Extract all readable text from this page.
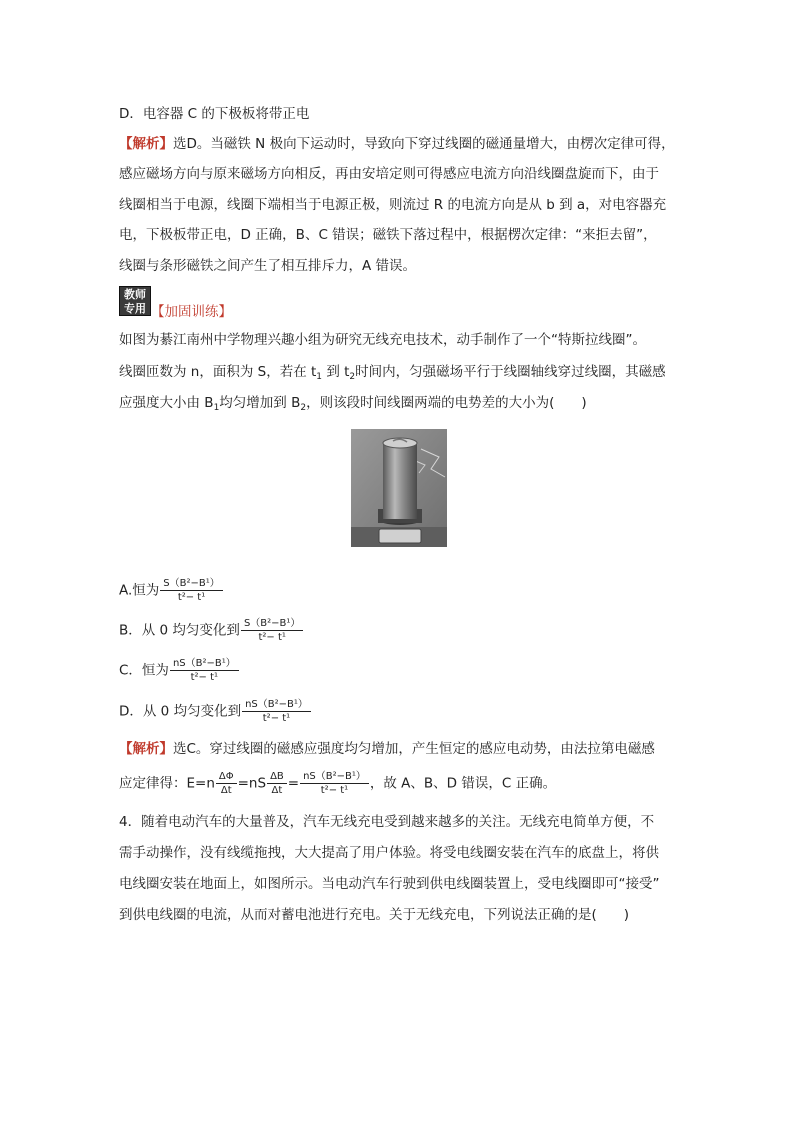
D．电容器 C 的下极板将带正电
【解析】选D。当磁铁 N 极向下运动时，导致向下穿过线圈的磁通量增大，由楞次定律可得，
感应磁场方向与原来磁场方向相反，再由安培定则可得感应电流方向沿线圈盘旋而下，由于
线圈相当于电源，线圈下端相当于电源正极，则流过 R 的电流方向是从 b 到 a，对电容器充
电，下极板带正电，D 正确，B、C 错误；磁铁下落过程中，根据楞次定律：“来拒去留”，
线圈与条形磁铁之间产生了相互排斥力，A 错误。
教师
专用 【加固训练】
如图为綦江南州中学物理兴趣小组为研究无线充电技术，动手制作了一个“特斯拉线圈”。
线圈匝数为 n，面积为 S，若在 $t_1$ 到 $t_2$时间内，匀强磁场平行于线圈轴线穿过线圈，其磁感
应强度大小由 $B_1$均匀增加到 $B_2$，则该段时间线圈两端的电势差的大小为(　　)
A.恒为 $\frac{\text{S（B²−B¹）}}{\text{t²− t¹}}$
B．从 0 均匀变化到 $\frac{\text{S（B²−B¹）}}{\text{t²− t¹}}$
C．恒为 $\frac{\text{nS（B²−B¹）}}{\text{t²− t¹}}$
D．从 0 均匀变化到 $\frac{\text{nS（B²−B¹）}}{\text{t²− t¹}}$
【解析】选C。穿过线圈的磁感应强度均匀增加，产生恒定的感应电动势，由法拉第电磁感
应定律得：$E=n \frac{\Delta\Phi}{\Delta t} =nS \frac{\Delta B}{\Delta t} = \frac{\text{nS（B²−B¹）}}{\text{t²− t¹}}$ ，故 A、B、D 错误，C 正确。
4．随着电动汽车的大量普及，汽车无线充电受到越来越多的关注。无线充电简单方便，不
需手动操作，没有线缆拖拽，大大提高了用户体验。将受电线圈安装在汽车的底盘上，将供
电线圈安装在地面上，如图所示。当电动汽车行驶到供电线圈装置上，受电线圈即可“接受”
到供电线圈的电流，从而对蓄电池进行充电。关于无线充电，下列说法正确的是(　　)
